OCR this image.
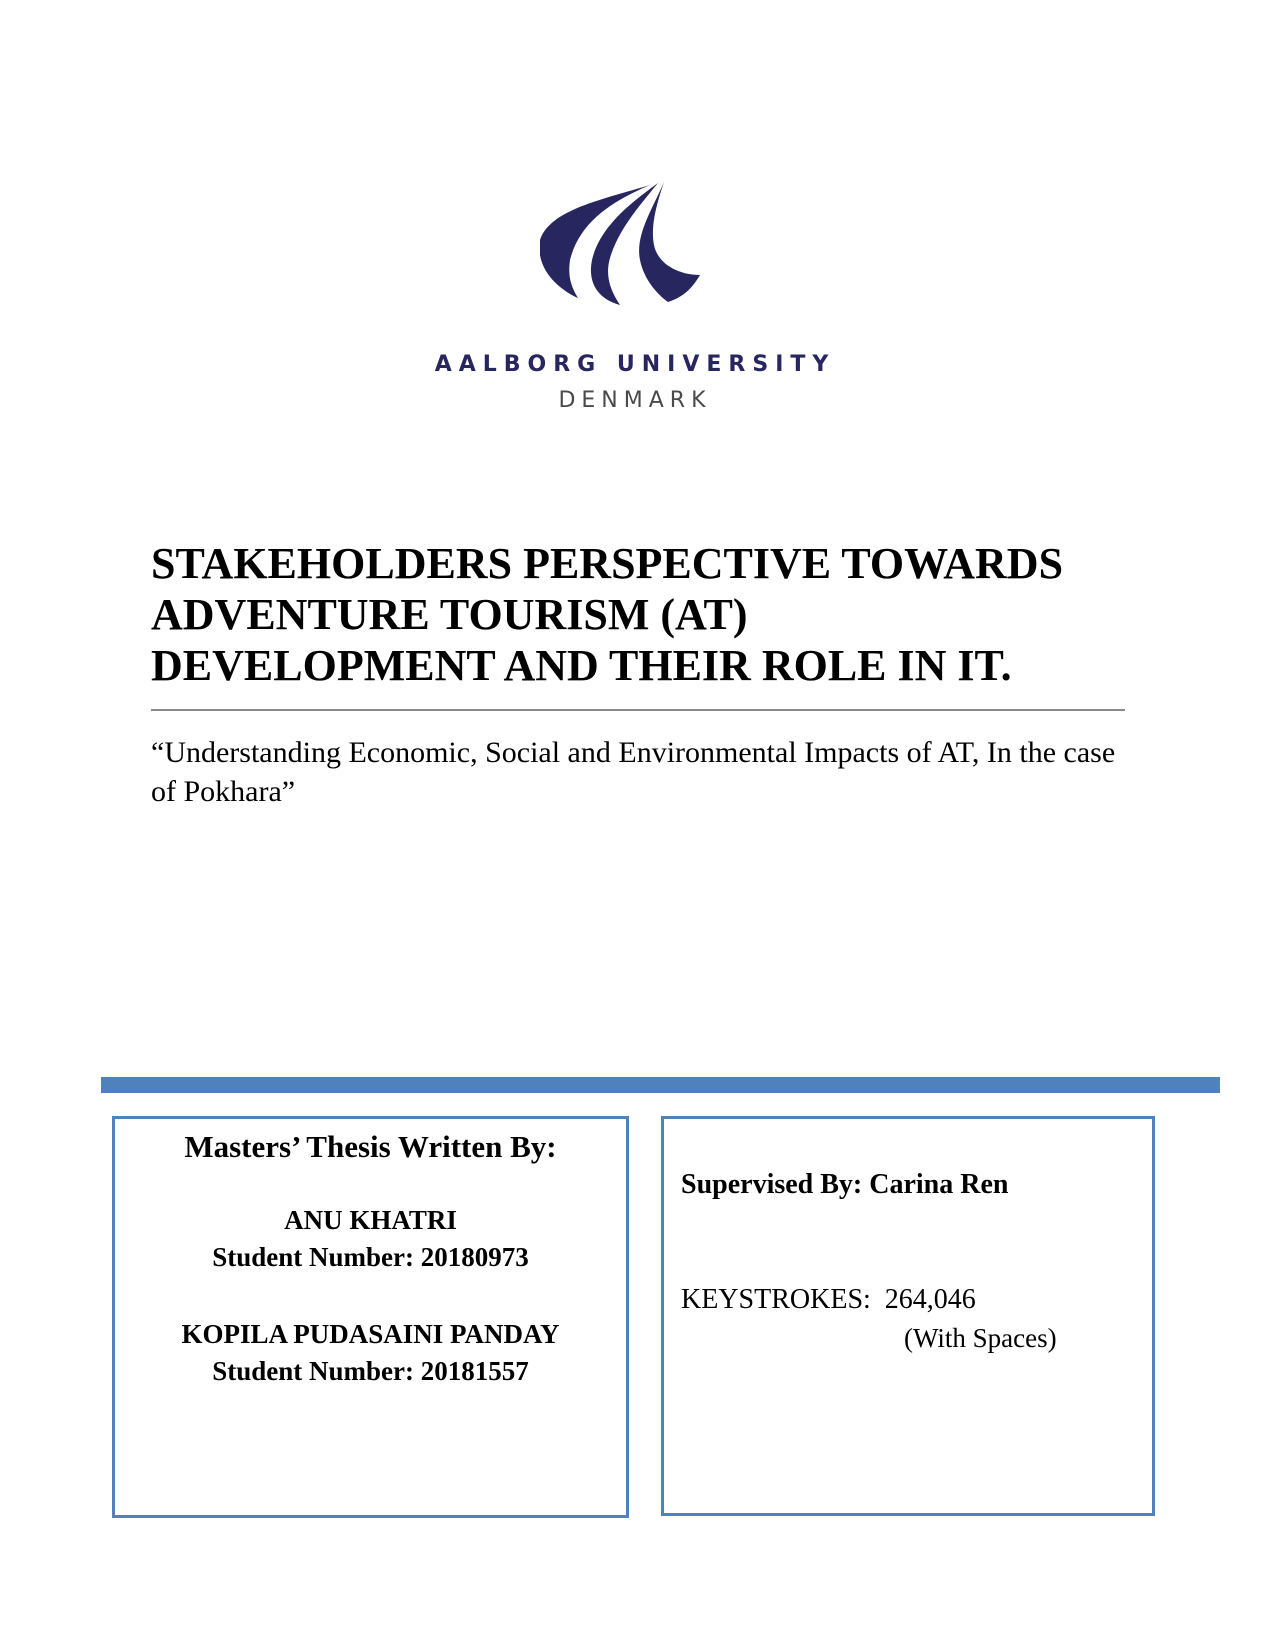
AALBORG UNIVERSITY
DENMARK
STAKEHOLDERS PERSPECTIVE TOWARDS
ADVENTURE TOURISM (AT)
DEVELOPMENT AND THEIR ROLE IN IT.
“Understanding Economic, Social and Environmental Impacts of AT, In the case of Pokhara”
Masters’ Thesis Written By:
ANU KHATRI
Student Number: 20180973
KOPILA PUDASAINI PANDAY
Student Number: 20181557
Supervised By: Carina Ren
KEYSTROKES:  264,046
(With Spaces)
